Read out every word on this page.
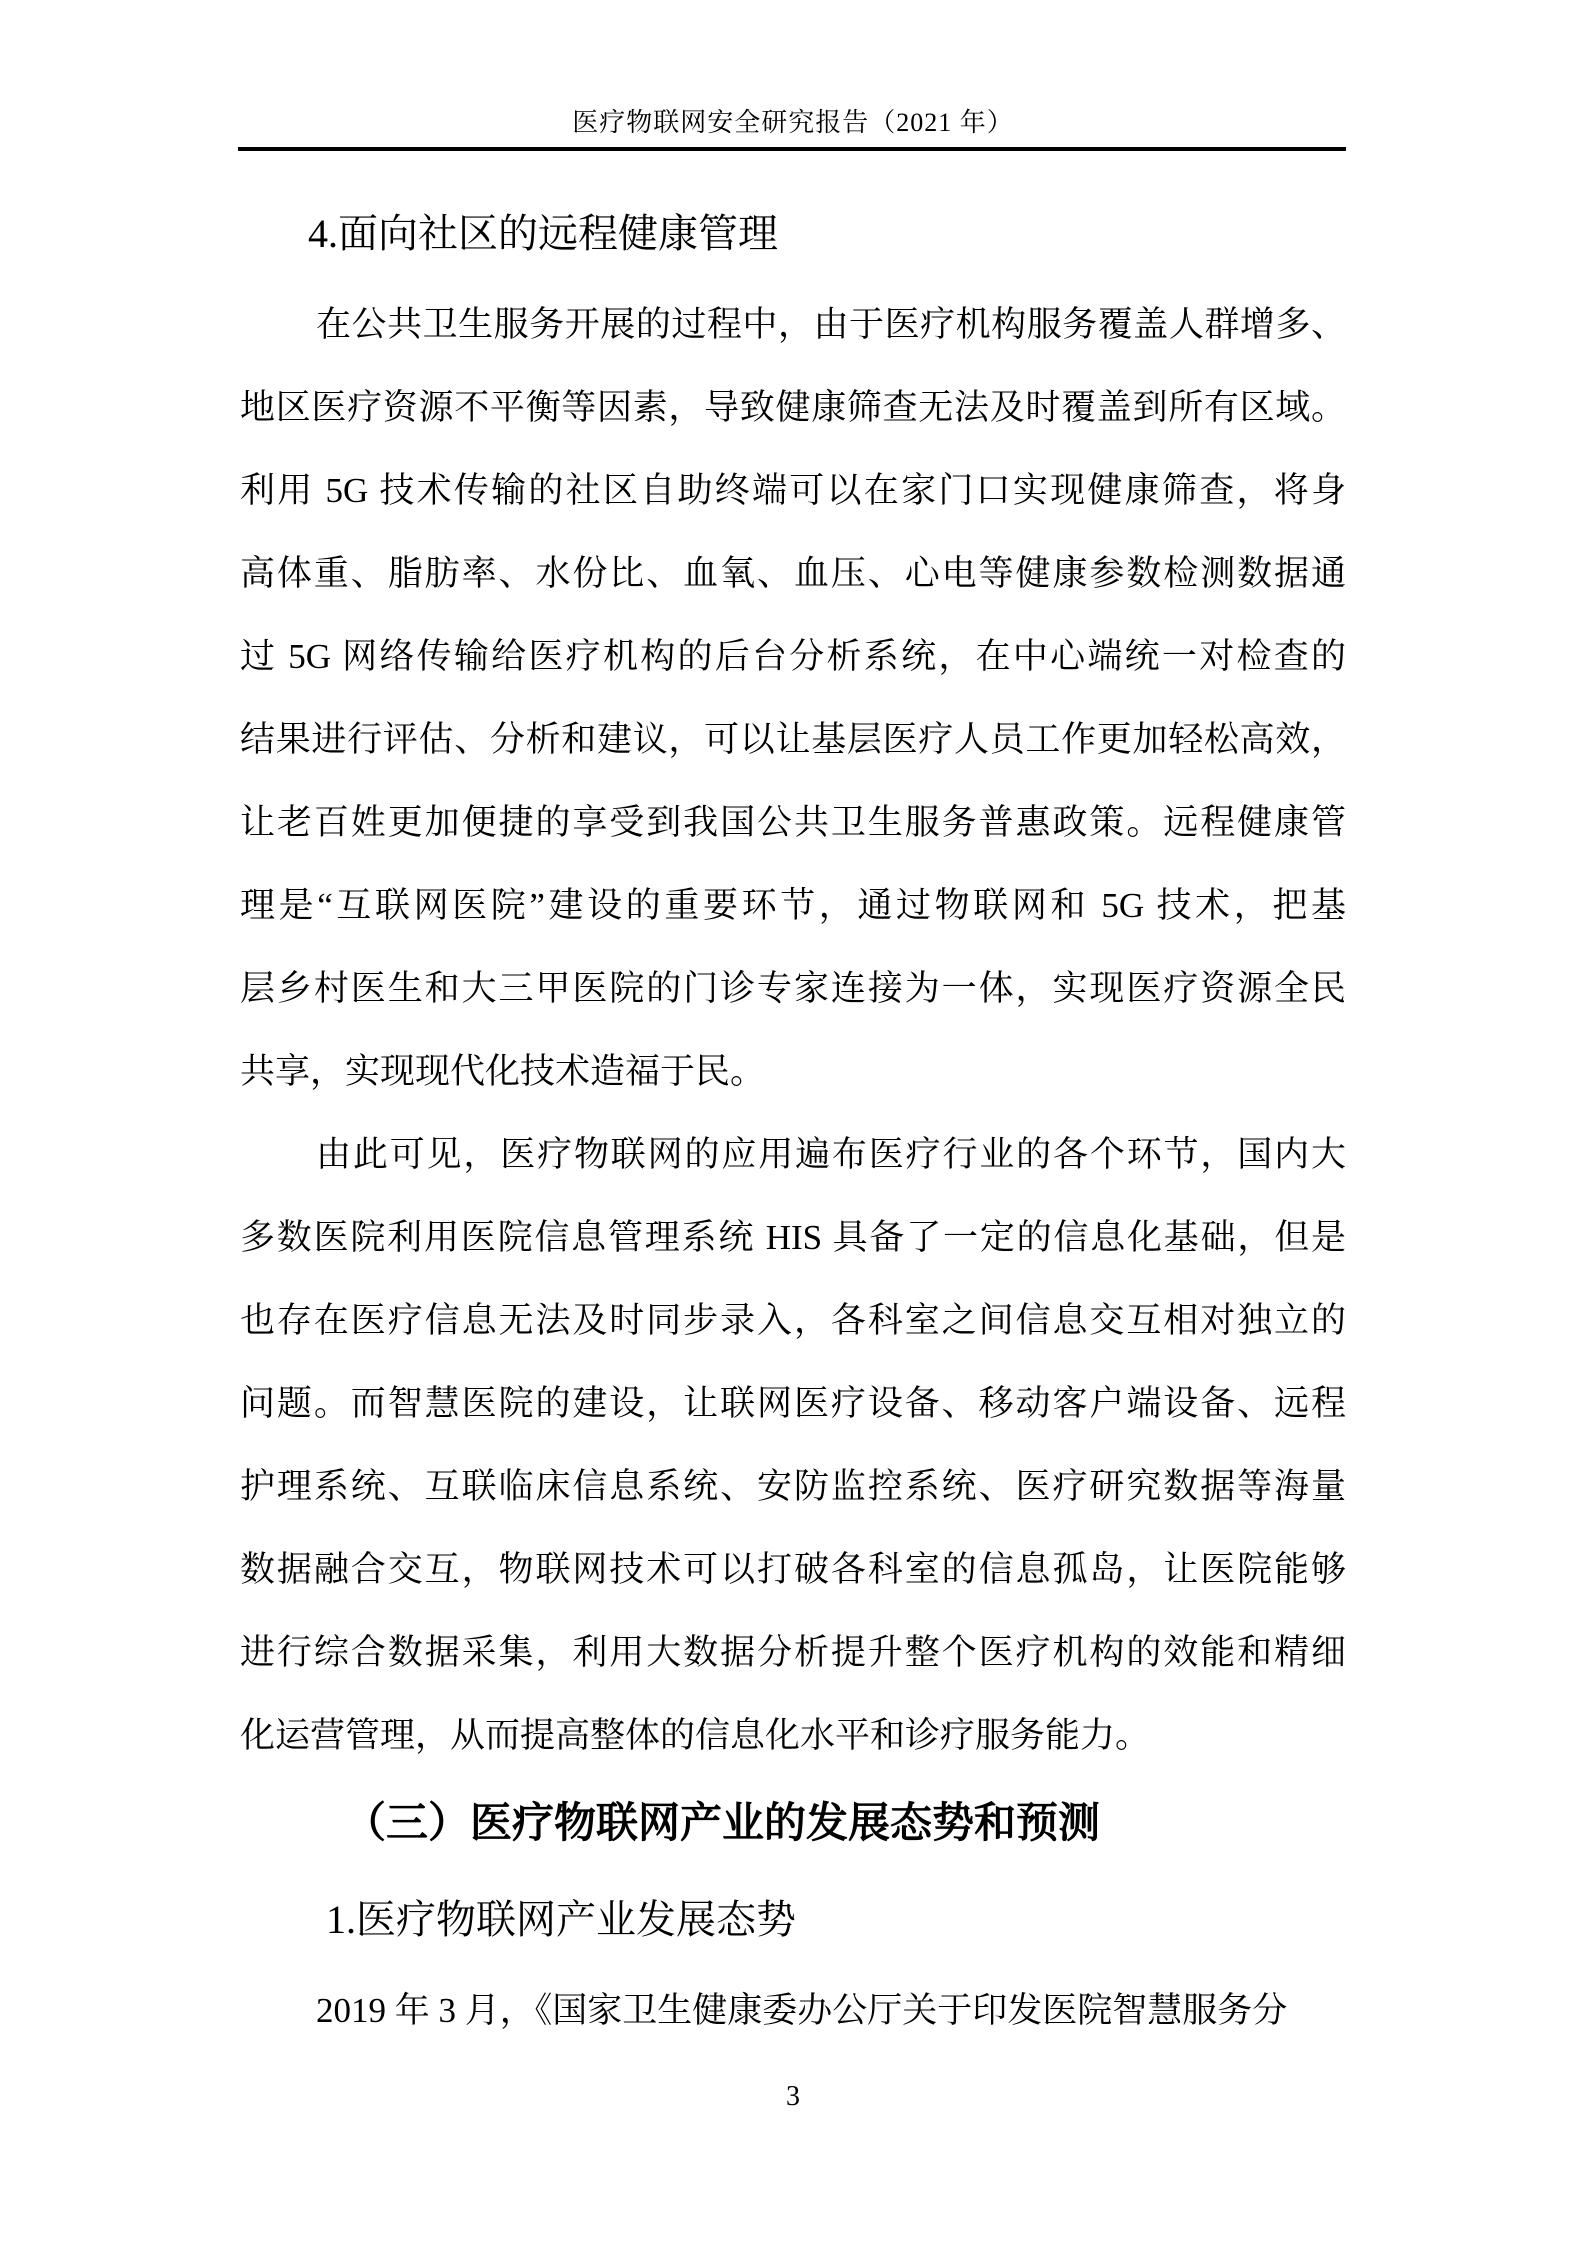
医疗物联网安全研究报告（2021 年）
4.面向社区的远程健康管理
在公共卫生服务开展的过程中，由于医疗机构服务覆盖人群增多、
地区医疗资源不平衡等因素，导致健康筛查无法及时覆盖到所有区域。
利用 5G 技术传输的社区自助终端可以在家门口实现健康筛查，将身
高体重、脂肪率、水份比、血氧、血压、心电等健康参数检测数据通
过 5G 网络传输给医疗机构的后台分析系统，在中心端统一对检查的
结果进行评估、分析和建议，可以让基层医疗人员工作更加轻松高效，
让老百姓更加便捷的享受到我国公共卫生服务普惠政策。远程健康管
理是“互联网医院”建设的重要环节，通过物联网和 5G 技术，把基
层乡村医生和大三甲医院的门诊专家连接为一体，实现医疗资源全民
共享，实现现代化技术造福于民。
由此可见，医疗物联网的应用遍布医疗行业的各个环节，国内大
多数医院利用医院信息管理系统 HIS 具备了一定的信息化基础，但是
也存在医疗信息无法及时同步录入，各科室之间信息交互相对独立的
问题。而智慧医院的建设，让联网医疗设备、移动客户端设备、远程
护理系统、互联临床信息系统、安防监控系统、医疗研究数据等海量
数据融合交互，物联网技术可以打破各科室的信息孤岛，让医院能够
进行综合数据采集，利用大数据分析提升整个医疗机构的效能和精细
化运营管理，从而提高整体的信息化水平和诊疗服务能力。
（三）医疗物联网产业的发展态势和预测
1.医疗物联网产业发展态势
2019 年 3 月，《国家卫生健康委办公厅关于印发医院智慧服务分
3
